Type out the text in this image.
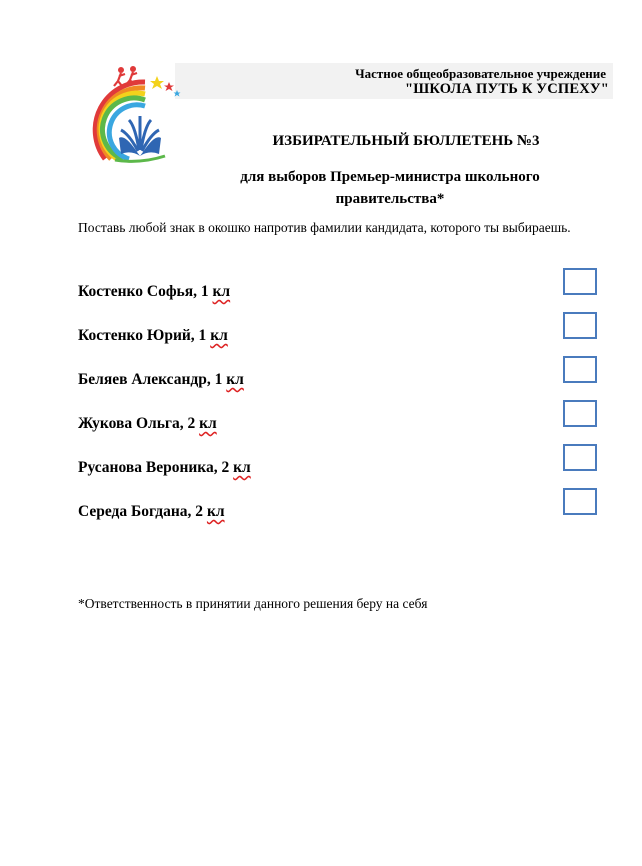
Частное общеобразовательное учреждение
"ШКОЛА ПУТЬ К УСПЕХУ"
ИЗБИРАТЕЛЬНЫЙ БЮЛЛЕТЕНЬ №3
для выборов Премьер-министра школьного правительства*
Поставь любой знак в окошко напротив фамилии кандидата, которого ты выбираешь.
Костенко Софья, 1 кл
Костенко Юрий, 1 кл
Беляев Александр, 1 кл
Жукова Ольга, 2 кл
Русанова Вероника, 2 кл
Середа Богдана, 2 кл
*Ответственность в принятии данного решения беру на себя
